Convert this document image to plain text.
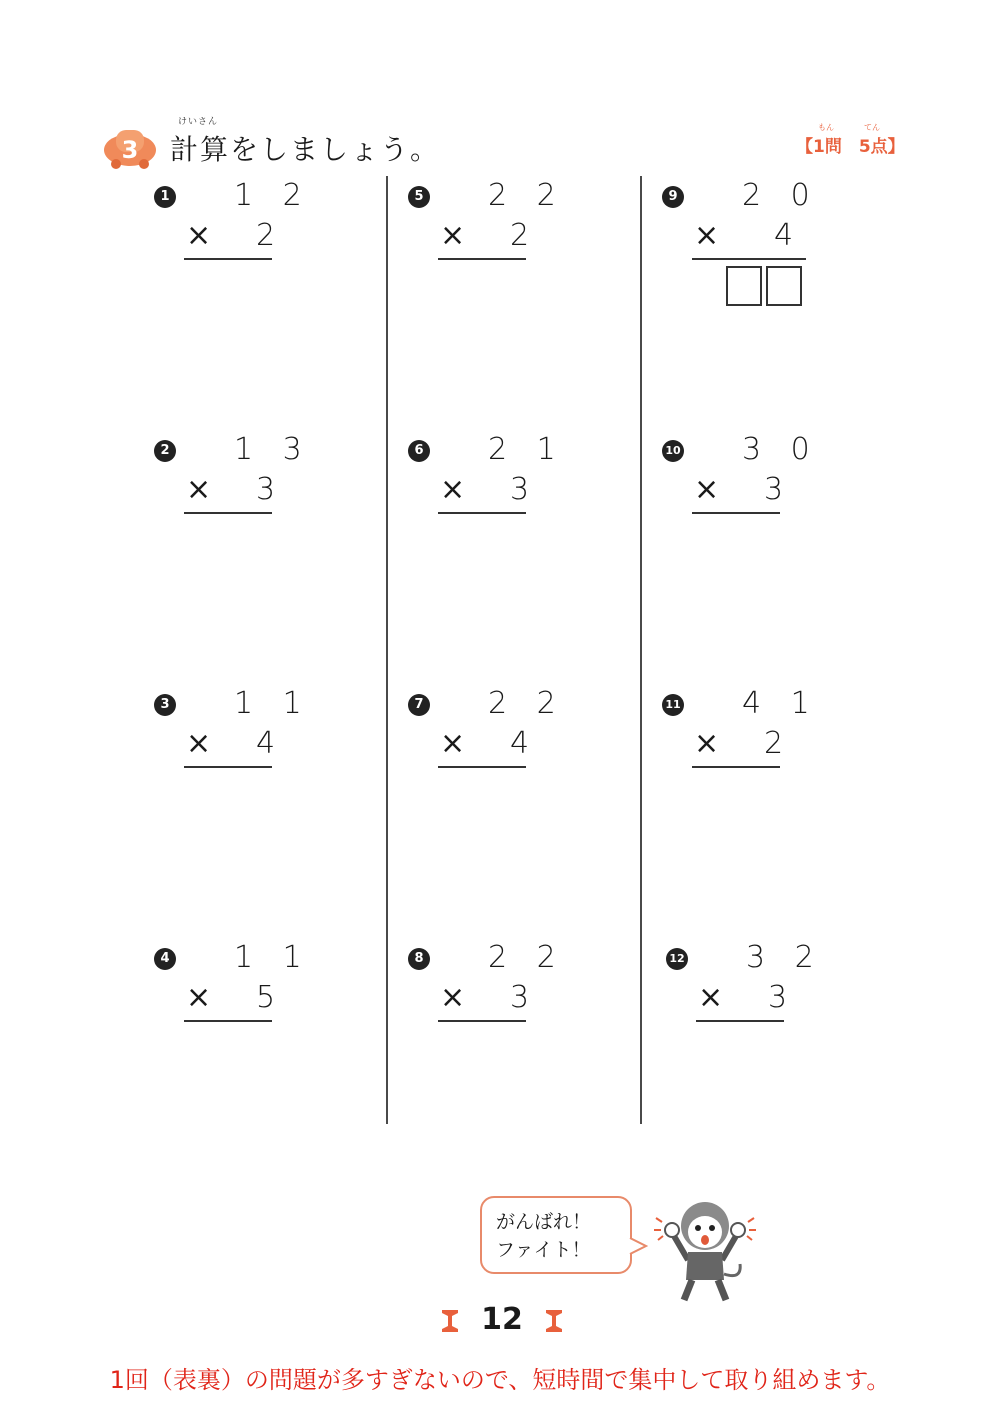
3
けいさん
計算をしましょう。
もん	てん
【1問　5点】
1 1 2
× 2
2 1 3
× 3
3 1 1
× 4
4 1 1
× 5
5 2 2
× 2
6 2 1
× 3
7 2 2
× 4
8 2 2
× 3
9 2 0
× 4
10 3 0
× 3
11 4 1
× 2
12 3 2
× 3
がんばれ！
ファイト！
12
1回（表裏）の問題が多すぎないので、短時間で集中して取り組めます。
